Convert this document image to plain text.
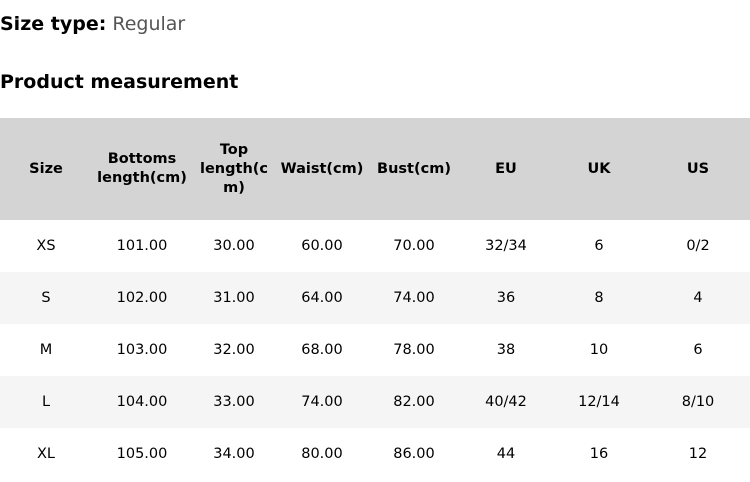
Size type: Regular
Product measurement
Size	Bottoms length(cm)	Top length(cm)	Waist(cm)	Bust(cm)	EU	UK	US
XS	101.00	30.00	60.00	70.00	32/34	6	0/2
S	102.00	31.00	64.00	74.00	36	8	4
M	103.00	32.00	68.00	78.00	38	10	6
L	104.00	33.00	74.00	82.00	40/42	12/14	8/10
XL	105.00	34.00	80.00	86.00	44	16	12
